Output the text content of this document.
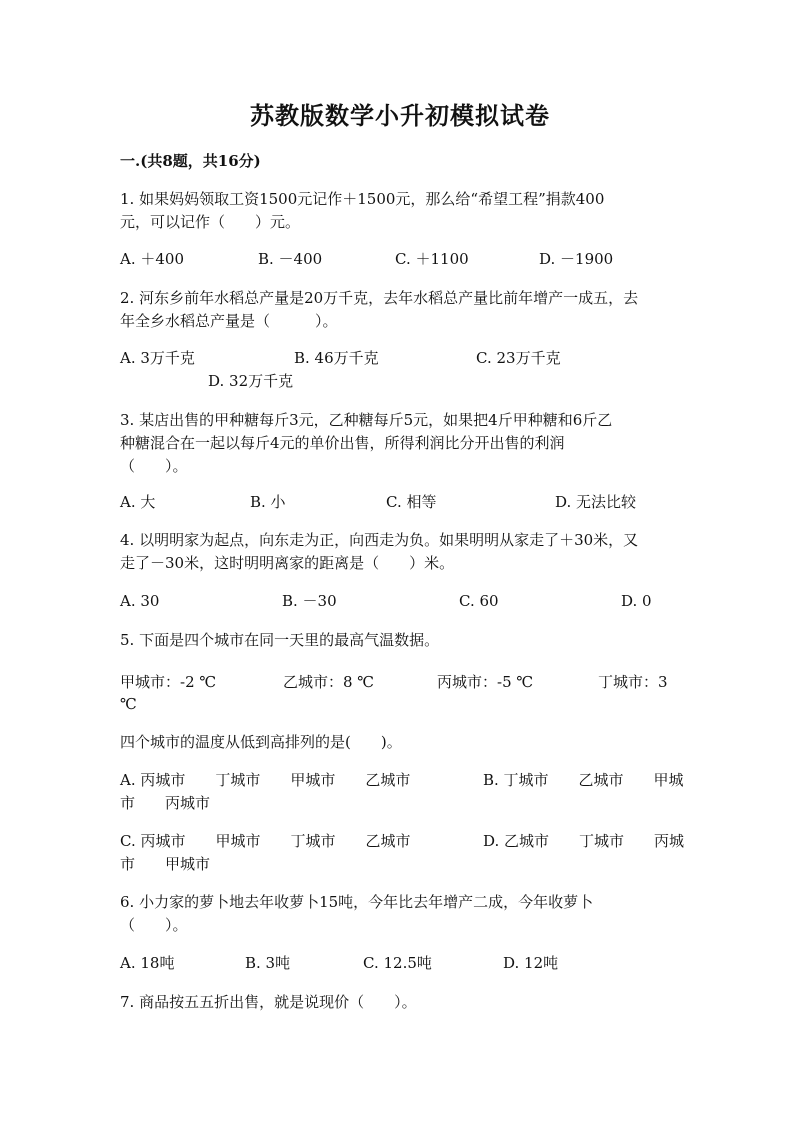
苏教版数学小升初模拟试卷
一.(共8题，共16分)
1. 如果妈妈领取工资1500元记作＋1500元，那么给“希望工程”捐款400
元，可以记作（　　）元。
A. ＋400	B. －400	C. ＋1100	D. －1900
2. 河东乡前年水稻总产量是20万千克，去年水稻总产量比前年增产一成五，去
年全乡水稻总产量是（　　　）。
A. 3万千克	B. 46万千克	C. 23万千克
D. 32万千克
3. 某店出售的甲种糖每斤3元，乙种糖每斤5元，如果把4斤甲种糖和6斤乙
种糖混合在一起以每斤4元的单价出售，所得利润比分开出售的利润
（　　）。
A. 大	B. 小	C. 相等	D. 无法比较
4. 以明明家为起点，向东走为正，向西走为负。如果明明从家走了＋30米，又
走了－30米，这时明明离家的距离是（　　）米。
A. 30	B. －30	C. 60	D. 0
5. 下面是四个城市在同一天里的最高气温数据。
甲城市：-2 ℃	乙城市：8 ℃	丙城市：-5 ℃	丁城市：3
℃
四个城市的温度从低到高排列的是(　　)。
A. 丙城市　　丁城市　　甲城市　　乙城市	B. 丁城市　　乙城市　　甲城
市　　丙城市
C. 丙城市　　甲城市　　丁城市　　乙城市	D. 乙城市　　丁城市　　丙城
市　　甲城市
6. 小力家的萝卜地去年收萝卜15吨，今年比去年增产二成，今年收萝卜
（　　）。
A. 18吨	B. 3吨	C. 12.5吨	D. 12吨
7. 商品按五五折出售，就是说现价（　　）。
